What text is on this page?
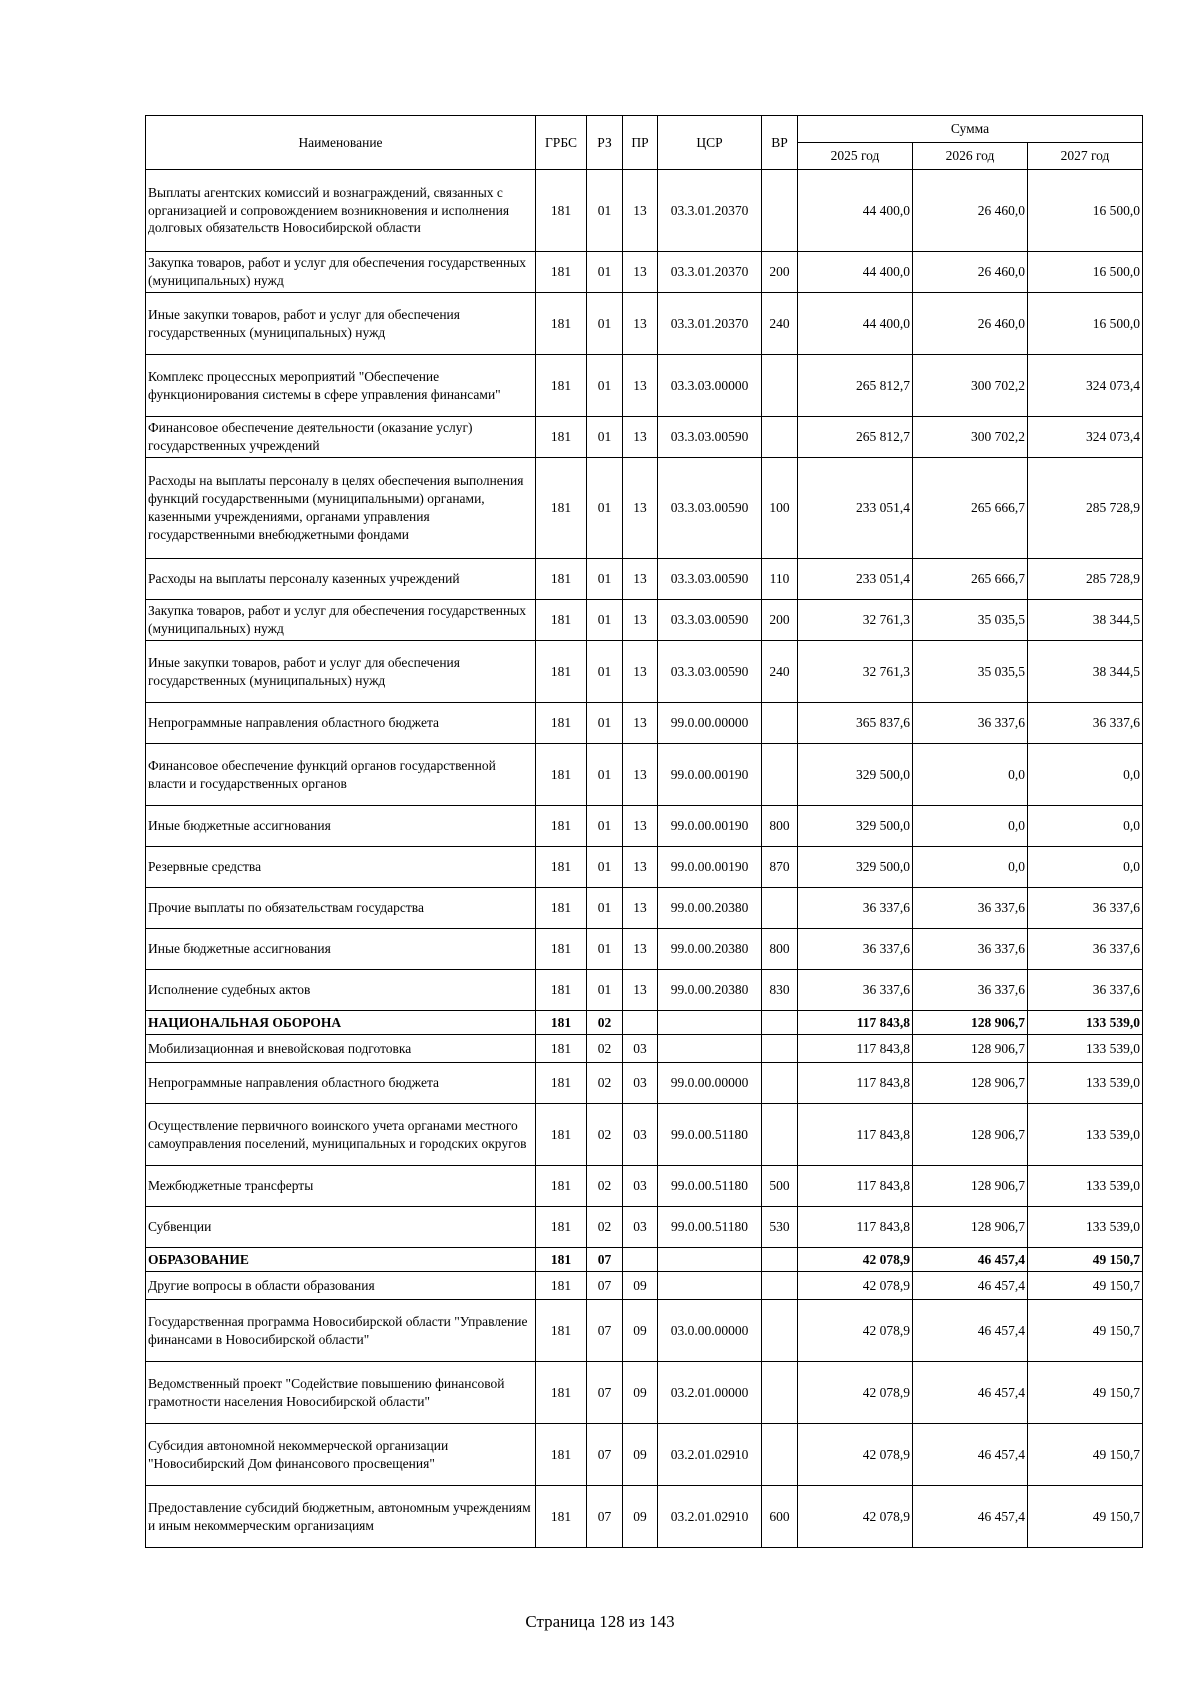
Наименование	ГРБС	РЗ	ПР	ЦСР	ВР	Сумма		
						2025 год	2026 год	2027 год
Выплаты агентских комиссий и вознаграждений, связанных с организацией и сопровождением возникновения и исполнения долговых обязательств Новосибирской области	181	01	13	03.3.01.20370		44 400,0	26 460,0	16 500,0
Закупка товаров, работ и услуг для обеспечения государственных (муниципальных) нужд	181	01	13	03.3.01.20370	200	44 400,0	26 460,0	16 500,0
Иные закупки товаров, работ и услуг для обеспечения государственных (муниципальных) нужд	181	01	13	03.3.01.20370	240	44 400,0	26 460,0	16 500,0
Комплекс процессных мероприятий "Обеспечение функционирования системы в сфере управления финансами"	181	01	13	03.3.03.00000		265 812,7	300 702,2	324 073,4
Финансовое обеспечение деятельности (оказание услуг) государственных учреждений	181	01	13	03.3.03.00590		265 812,7	300 702,2	324 073,4
Расходы на выплаты персоналу в целях обеспечения выполнения функций государственными (муниципальными) органами, казенными учреждениями, органами управления государственными внебюджетными фондами	181	01	13	03.3.03.00590	100	233 051,4	265 666,7	285 728,9
Расходы на выплаты персоналу казенных учреждений	181	01	13	03.3.03.00590	110	233 051,4	265 666,7	285 728,9
Закупка товаров, работ и услуг для обеспечения государственных (муниципальных) нужд	181	01	13	03.3.03.00590	200	32 761,3	35 035,5	38 344,5
Иные закупки товаров, работ и услуг для обеспечения государственных (муниципальных) нужд	181	01	13	03.3.03.00590	240	32 761,3	35 035,5	38 344,5
Непрограммные направления областного бюджета	181	01	13	99.0.00.00000		365 837,6	36 337,6	36 337,6
Финансовое обеспечение функций органов государственной власти и государственных органов	181	01	13	99.0.00.00190		329 500,0	0,0	0,0
Иные бюджетные ассигнования	181	01	13	99.0.00.00190	800	329 500,0	0,0	0,0
Резервные средства	181	01	13	99.0.00.00190	870	329 500,0	0,0	0,0
Прочие выплаты по обязательствам государства	181	01	13	99.0.00.20380		36 337,6	36 337,6	36 337,6
Иные бюджетные ассигнования	181	01	13	99.0.00.20380	800	36 337,6	36 337,6	36 337,6
Исполнение судебных актов	181	01	13	99.0.00.20380	830	36 337,6	36 337,6	36 337,6
НАЦИОНАЛЬНАЯ ОБОРОНА	181	02				117 843,8	128 906,7	133 539,0
Мобилизационная и вневойсковая подготовка	181	02	03			117 843,8	128 906,7	133 539,0
Непрограммные направления областного бюджета	181	02	03	99.0.00.00000		117 843,8	128 906,7	133 539,0
Осуществление первичного воинского учета органами местного самоуправления поселений, муниципальных и городских округов	181	02	03	99.0.00.51180		117 843,8	128 906,7	133 539,0
Межбюджетные трансферты	181	02	03	99.0.00.51180	500	117 843,8	128 906,7	133 539,0
Субвенции	181	02	03	99.0.00.51180	530	117 843,8	128 906,7	133 539,0
ОБРАЗОВАНИЕ	181	07				42 078,9	46 457,4	49 150,7
Другие вопросы в области образования	181	07	09			42 078,9	46 457,4	49 150,7
Государственная программа Новосибирской области "Управление финансами в Новосибирской области"	181	07	09	03.0.00.00000		42 078,9	46 457,4	49 150,7
Ведомственный проект "Содействие повышению финансовой грамотности населения Новосибирской области"	181	07	09	03.2.01.00000		42 078,9	46 457,4	49 150,7
Субсидия автономной некоммерческой организации "Новосибирский Дом финансового просвещения"	181	07	09	03.2.01.02910		42 078,9	46 457,4	49 150,7
Предоставление субсидий бюджетным, автономным учреждениям и иным некоммерческим организациям	181	07	09	03.2.01.02910	600	42 078,9	46 457,4	49 150,7
Страница 128 из 143
